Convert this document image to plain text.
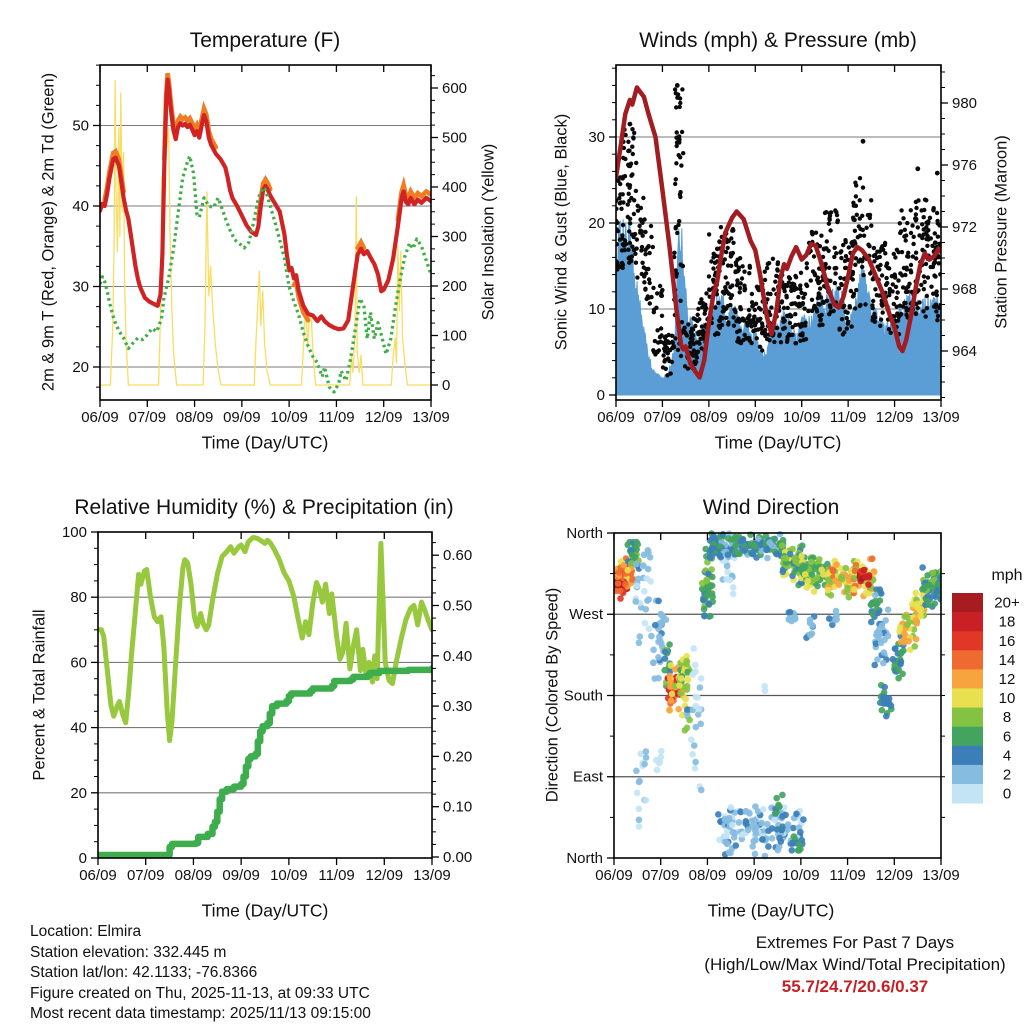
06/09 07/09 08/09 09/09 10/09 11/09 12/09 13/09
20
30
40
50
0
100
200
300
400
500
600
06/09 07/09 08/09 09/09 10/09 11/09 12/09 13/09
0
10
20
30
964
968
972
976
980
06/09 07/09 08/09 09/09 10/09 11/09 12/09 13/09
0
20
40
60
80
100
0.00
0.10
0.20
0.30
0.40
0.50
0.60
06/09 07/09 08/09 09/09 10/09 11/09 12/09 13/09
North
West
South
East
North
mph
20+
18
16
14
12
10
8
6
4
2
0
Temperature (F)	Winds (mph) & Pressure (mb)
Relative Humidity (%) & Precipitation (in)	Wind Direction
Time (Day/UTC)	Time (Day/UTC)
Time (Day/UTC)	Time (Day/UTC)
2m & 9m T (Red, Orange) & 2m Td (Green)	Solar Insolation (Yellow)	Sonic Wind & Gust (Blue, Black)	Station Pressure (Maroon)
Percent & Total Rainfall	Direction (Colored By Speed)
Location: Elmira
Station elevation: 332.445 m
Station lat/lon: 42.1133; -76.8366
Figure created on Thu, 2025-11-13, at 09:33 UTC
Most recent data timestamp: 2025/11/13 09:15:00
Extremes For Past 7 Days
(High/Low/Max Wind/Total Precipitation)
55.7/24.7/20.6/0.37
